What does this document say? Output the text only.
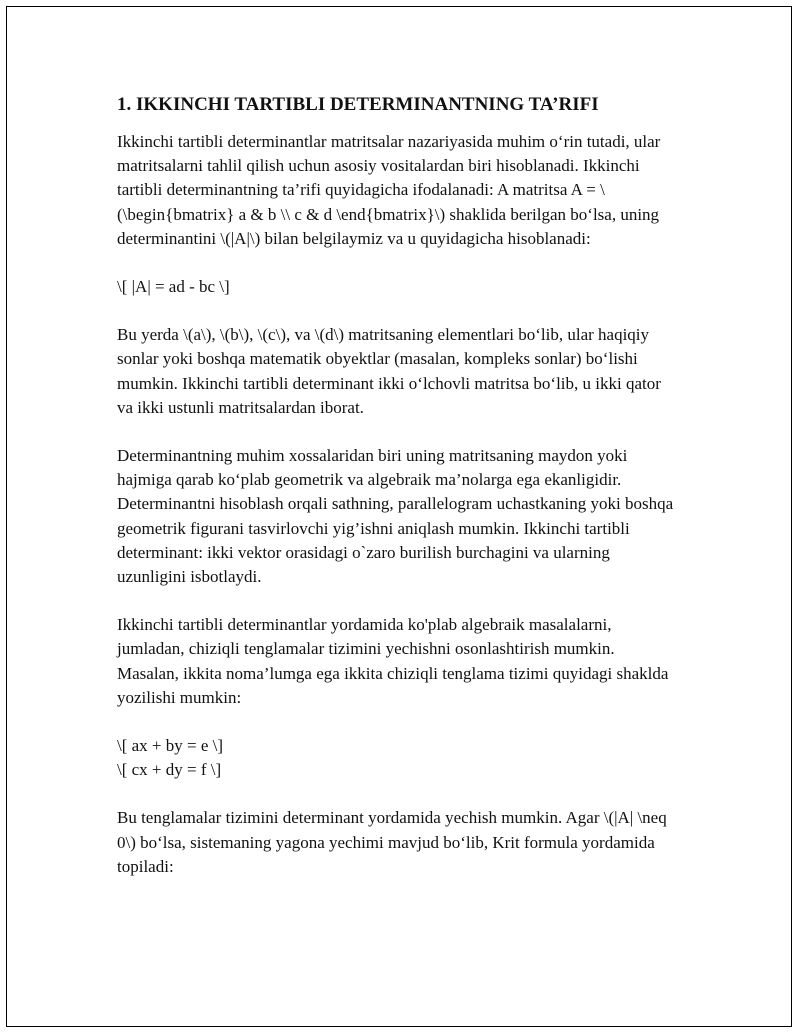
1. IKKINCHI TARTIBLI DETERMINANTNING TA’RIFI

Ikkinchi tartibli determinantlar matritsalar nazariyasida muhim oʻrin tutadi, ular matritsalarni tahlil qilish uchun asosiy vositalardan biri hisoblanadi. Ikkinchi tartibli determinantning ta’rifi quyidagicha ifodalanadi: A matritsa A = \(\begin{bmatrix} a & b \\ c & d \end{bmatrix}\) shaklida berilgan boʻlsa, uning determinantini \(|A|\) bilan belgilaymiz va u quyidagicha hisoblanadi:

\[ |A| = ad - bc \]

Bu yerda \(a\), \(b\), \(c\), va \(d\) matritsaning elementlari boʻlib, ular haqiqiy sonlar yoki boshqa matematik obyektlar (masalan, kompleks sonlar) boʻlishi mumkin. Ikkinchi tartibli determinant ikki oʻlchovli matritsa boʻlib, u ikki qator va ikki ustunli matritsalardan iborat.

Determinantning muhim xossalaridan biri uning matritsaning maydon yoki hajmiga qarab koʻplab geometrik va algebraik ma’nolarga ega ekanligidir. Determinantni hisoblash orqali sathning, parallelogram uchastkaning yoki boshqa geometrik figurani tasvirlovchi yig’ishni aniqlash mumkin. Ikkinchi tartibli determinant: ikki vektor orasidagi o`zaro burilish burchagini va ularning uzunligini isbotlaydi.

Ikkinchi tartibli determinantlar yordamida ko'plab algebraik masalalarni, jumladan, chiziqli tenglamalar tizimini yechishni osonlashtirish mumkin. Masalan, ikkita noma’lumga ega ikkita chiziqli tenglama tizimi quyidagi shaklda yozilishi mumkin:

\[ ax + by = e \]
\[ cx + dy = f \]

Bu tenglamalar tizimini determinant yordamida yechish mumkin. Agar \(|A| \neq 0\) boʻlsa, sistemaning yagona yechimi mavjud boʻlib, Krit formula yordamida topiladi:
